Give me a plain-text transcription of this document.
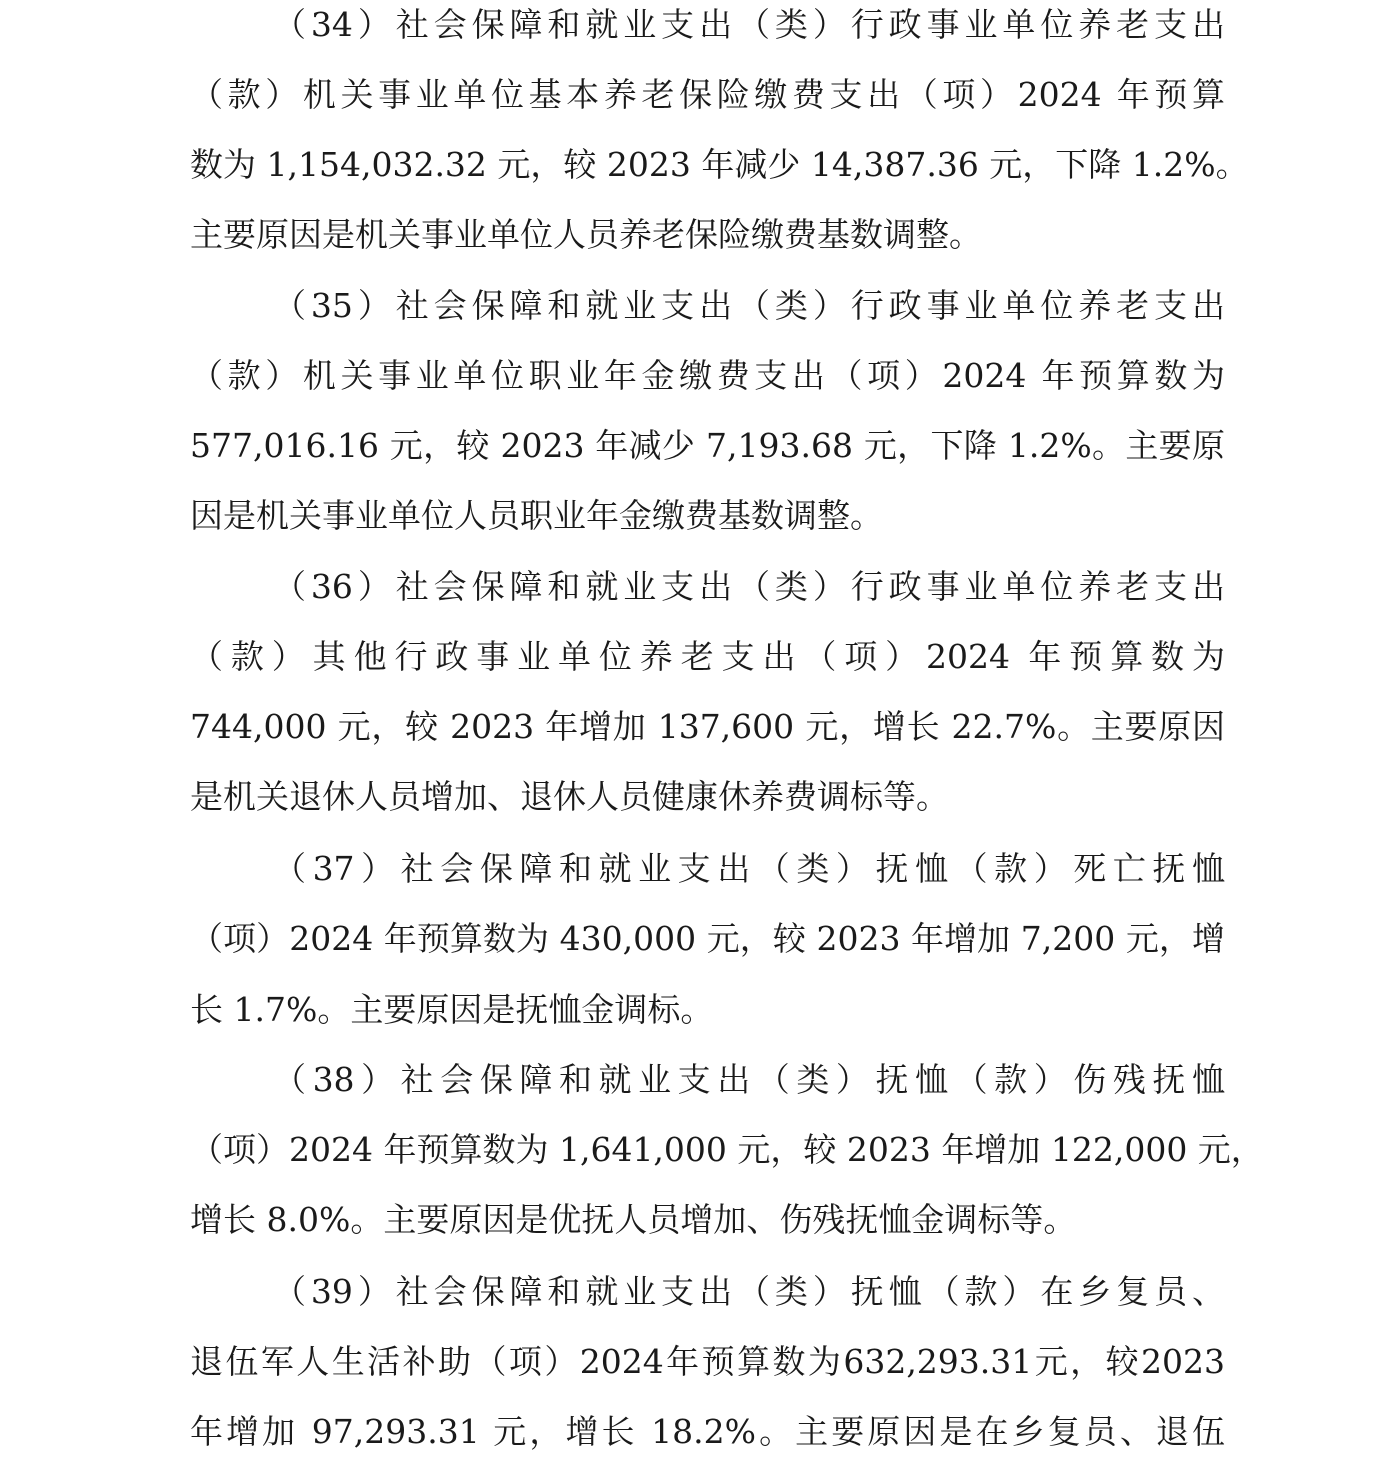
（34）社会保障和就业支出（类）行政事业单位养老支出
（款）机关事业单位基本养老保险缴费支出（项）2024 年预算
数为 1,154,032.32 元，较 2023 年减少 14,387.36 元，下降 1.2%。
主要原因是机关事业单位人员养老保险缴费基数调整。
（35）社会保障和就业支出（类）行政事业单位养老支出
（款）机关事业单位职业年金缴费支出（项）2024 年预算数为
577,016.16 元，较 2023 年减少 7,193.68 元，下降 1.2%。主要原
因是机关事业单位人员职业年金缴费基数调整。
（36）社会保障和就业支出（类）行政事业单位养老支出
（款）其他行政事业单位养老支出（项）2024 年预算数为
744,000 元，较 2023 年增加 137,600 元，增长 22.7%。主要原因
是机关退休人员增加、退休人员健康休养费调标等。
（37）社会保障和就业支出（类）抚恤（款）死亡抚恤
（项）2024 年预算数为 430,000 元，较 2023 年增加 7,200 元，增
长 1.7%。主要原因是抚恤金调标。
（38）社会保障和就业支出（类）抚恤（款）伤残抚恤
（项）2024 年预算数为 1,641,000 元，较 2023 年增加 122,000 元，
增长 8.0%。主要原因是优抚人员增加、伤残抚恤金调标等。
（39）社会保障和就业支出（类）抚恤（款）在乡复员、
退伍军人生活补助（项）2024年预算数为632,293.31元，较2023
年增加 97,293.31 元，增长 18.2%。主要原因是在乡复员、退伍
